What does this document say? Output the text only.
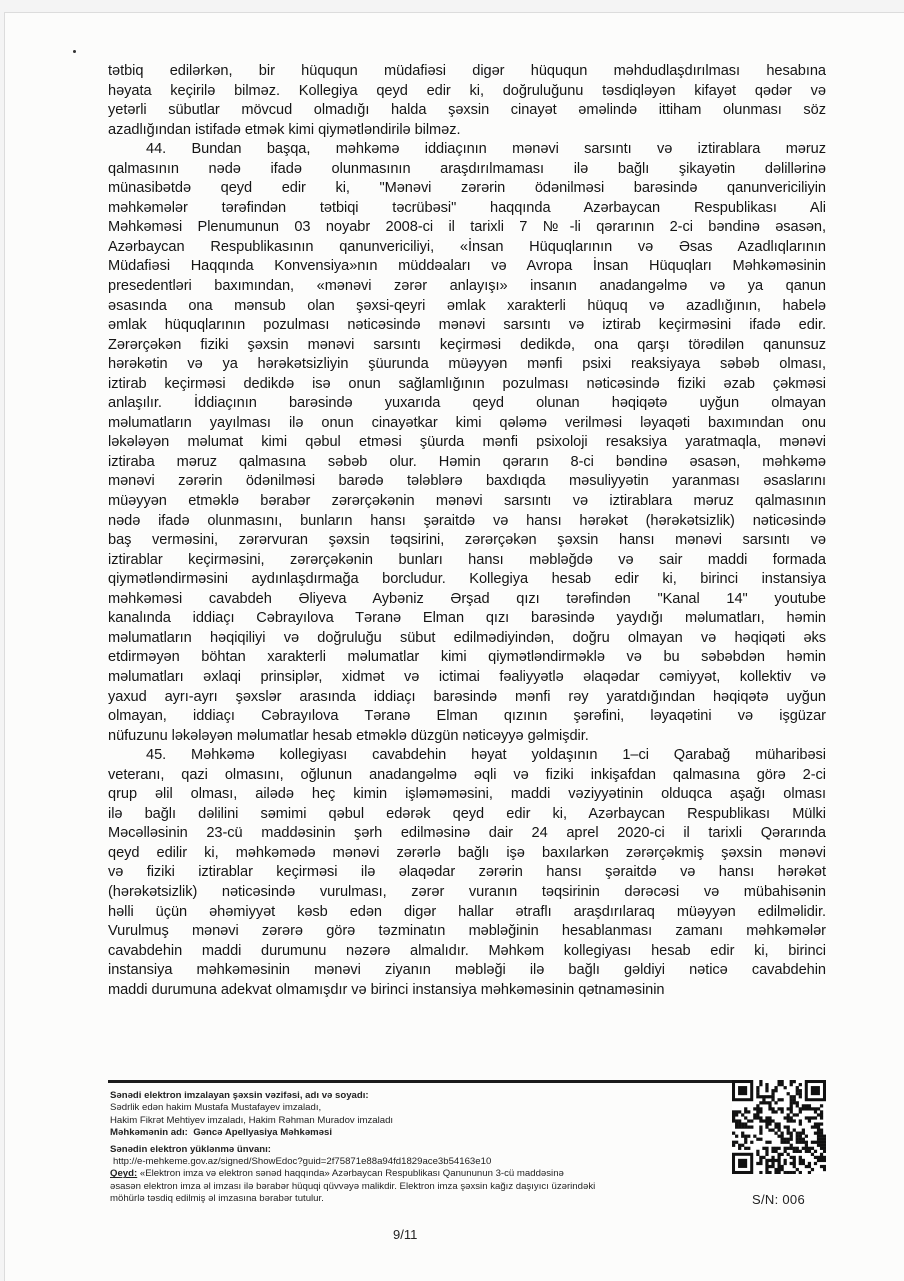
tətbiq edilərkən, bir hüququn müdafiəsi digər hüququn məhdudlaşdırılması hesabına
həyata keçirilə bilməz. Kollegiya qeyd edir ki, doğruluğunu təsdiqləyən kifayət qədər və
yetərli sübutlar mövcud olmadığı halda şəxsin cinayət əməlində ittiham olunması söz
azadlığından istifadə etmək kimi qiymətləndirilə bilməz.
44. Bundan başqa, məhkəmə iddiaçının mənəvi sarsıntı və iztirablara məruz
qalmasının nədə ifadə olunmasının araşdırılmaması ilə bağlı şikayətin dəlillərinə
münasibətdə qeyd edir ki, "Mənəvi zərərin ödənilməsi barəsində qanunvericiliyin
məhkəmələr tərəfindən tətbiqi təcrübəsi" haqqında Azərbaycan Respublikası Ali
Məhkəməsi Plenumunun 03 noyabr 2008-ci il tarixli 7 №-li qərarının 2-ci bəndinə əsasən,
Azərbaycan Respublikasının qanunvericiliyi, «İnsan Hüquqlarının və Əsas Azadlıqlarının
Müdafiəsi Haqqında Konvensiya»nın müddəaları və Avropa İnsan Hüquqları Məhkəməsinin
presedentləri baxımından, «mənəvi zərər anlayışı» insanın anadangəlmə və ya qanun
əsasında ona mənsub olan şəxsi-qeyri əmlak xarakterli hüquq və azadlığının, habelə
əmlak hüquqlarının pozulması nəticəsində mənəvi sarsıntı və iztirab keçirməsini ifadə edir.
Zərərçəkən fiziki şəxsin mənəvi sarsıntı keçirməsi dedikdə, ona qarşı törədilən qanunsuz
hərəkətin və ya hərəkətsizliyin şüurunda müəyyən mənfi psixi reaksiyaya səbəb olması,
iztirab keçirməsi dedikdə isə onun sağlamlığının pozulması nəticəsində fiziki əzab çəkməsi
anlaşılır. İddiaçının barəsində yuxarıda qeyd olunan həqiqətə uyğun olmayan
məlumatların yayılması ilə onun cinayətkar kimi qələmə verilməsi ləyaqəti baxımından onu
ləkələyən məlumat kimi qəbul etməsi şüurda mənfi psixoloji resaksiya yaratmaqla, mənəvi
iztiraba məruz qalmasına səbəb olur. Həmin qərarın 8-ci bəndinə əsasən, məhkəmə
mənəvi zərərin ödənilməsi barədə tələblərə baxdıqda məsuliyyətin yaranması əsaslarını
müəyyən etməklə bərabər zərərçəkənin mənəvi sarsıntı və iztirablara məruz qalmasının
nədə ifadə olunmasını, bunların hansı şəraitdə və hansı hərəkət (hərəkətsizlik) nəticəsində
baş verməsini, zərərvuran şəxsin təqsirini, zərərçəkən şəxsin hansı mənəvi sarsıntı və
iztirablar keçirməsini, zərərçəkənin bunları hansı məbləğdə və sair maddi formada
qiymətləndirməsini aydınlaşdırmağa borcludur. Kollegiya hesab edir ki, birinci instansiya
məhkəməsi cavabdeh Əliyeva Aybəniz Ərşad qızı tərəfindən "Kanal 14" youtube
kanalında iddiaçı Cəbrayılova Təranə Elman qızı barəsində yaydığı məlumatları, həmin
məlumatların həqiqiliyi və doğruluğu sübut edilmədiyindən, doğru olmayan və həqiqəti əks
etdirməyən böhtan xarakterli məlumatlar kimi qiymətləndirməklə və bu səbəbdən həmin
məlumatları əxlaqi prinsiplər, xidmət və ictimai fəaliyyətlə əlaqədar cəmiyyət, kollektiv və
yaxud ayrı-ayrı şəxslər arasında iddiaçı barəsində mənfi rəy yaratdığından həqiqətə uyğun
olmayan, iddiaçı Cəbrayılova Təranə Elman qızının şərəfini, ləyaqətini və işgüzar
nüfuzunu ləkələyən məlumatlar hesab etməklə düzgün nəticəyyə gəlmişdir.
45. Məhkəmə kollegiyası cavabdehin həyat yoldaşının 1–ci Qarabağ müharibəsi
veteranı, qazi olmasını, oğlunun anadangəlmə əqli və fiziki inkişafdan qalmasına görə 2-ci
qrup əlil olması, ailədə heç kimin işləməməsini, maddi vəziyyətinin olduqca aşağı olması
ilə bağlı dəlilini səmimi qəbul edərək qeyd edir ki, Azərbaycan Respublikası Mülki
Məcəlləsinin 23-cü maddəsinin şərh edilməsinə dair 24 aprel 2020-ci il tarixli Qərarında
qeyd edilir ki, məhkəmədə mənəvi zərərlə bağlı işə baxılarkən zərərçəkmiş şəxsin mənəvi
və fiziki iztirablar keçirməsi ilə əlaqədar zərərin hansı şəraitdə və hansı hərəkət
(hərəkətsizlik) nəticəsində vurulması, zərər vuranın təqsirinin dərəcəsi və mübahisənin
həlli üçün əhəmiyyət kəsb edən digər hallar ətraflı araşdırılaraq müəyyən edilməlidir.
Vurulmuş mənəvi zərərə görə təzminatın məbləğinin hesablanması zamanı məhkəmələr
cavabdehin maddi durumunu nəzərə almalıdır. Məhkəm kollegiyası hesab edir ki, birinci
instansiya məhkəməsinin mənəvi ziyanın məbləği ilə bağlı gəldiyi nəticə cavabdehin
maddi durumuna adekvat olmamışdır və birinci instansiya məhkəməsinin qətnaməsinin
Sənədi elektron imzalayan şəxsin vəzifəsi, adı və soyadı:
Sədrlik edən hakim Mustafa Mustafayev imzaladı,
Hakim Fikrət Mehtiyev imzaladı, Hakim Rəhman Muradov imzaladı
Məhkəmənin adı: Gəncə Apellyasiya Məhkəməsi
Sənədin elektron yüklənmə ünvanı:
http://e-mehkeme.gov.az/signed/ShowEdoc?guid=2f75871e88a94fd1829ace3b54163e10
Qeyd: «Elektron imza və elektron sənəd haqqında» Azərbaycan Respublikası Qanununun 3-cü maddəsinə
əsasən elektron imza əl imzası ilə bərabər hüquqi qüvvəyə malikdir. Elektron imza şəxsin kağız daşıyıcı üzərindəki
möhürlə təsdiq edilmiş əl imzasına bərabər tutulur.	S/N: 006
9/11
